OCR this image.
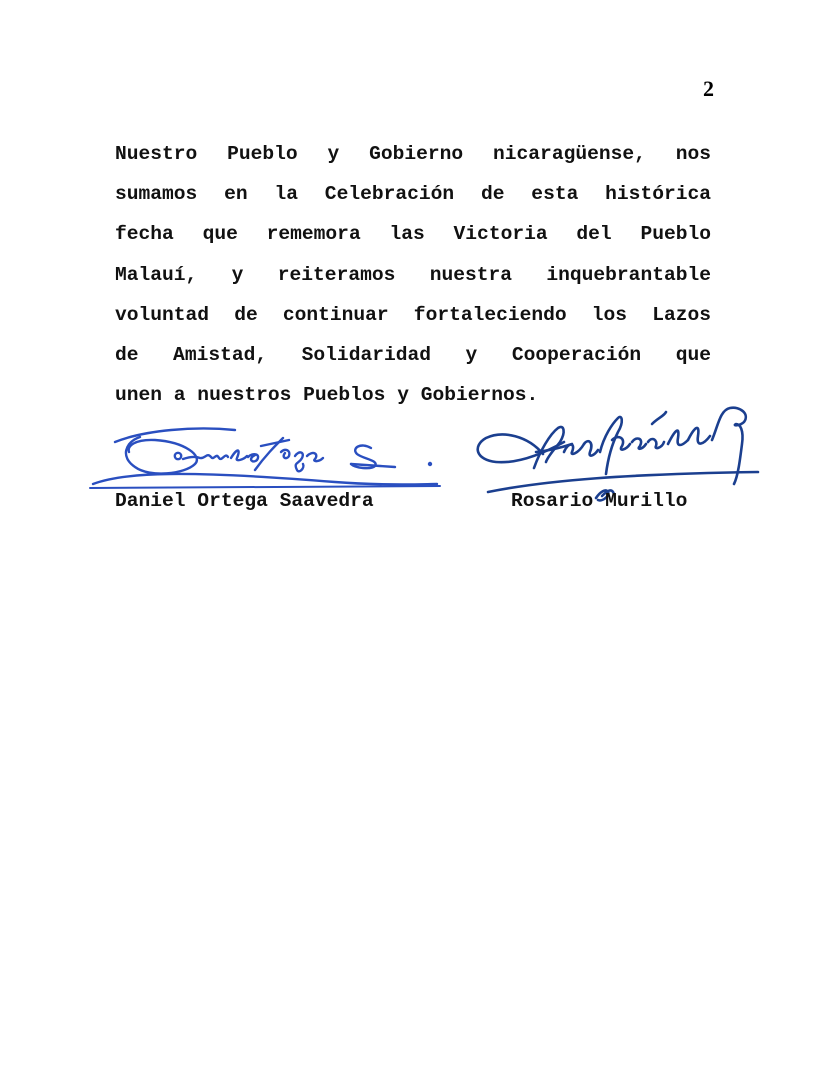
2
Nuestro Pueblo y Gobierno nicaragüense, nos
sumamos en la Celebración de esta histórica
fecha que rememora las Victoria del Pueblo
Malauí, y reiteramos nuestra inquebrantable
voluntad de continuar fortaleciendo los Lazos
de Amistad, Solidaridad y Cooperación que
unen a nuestros Pueblos y Gobiernos.
Daniel Ortega Saavedra	Rosario Murillo
